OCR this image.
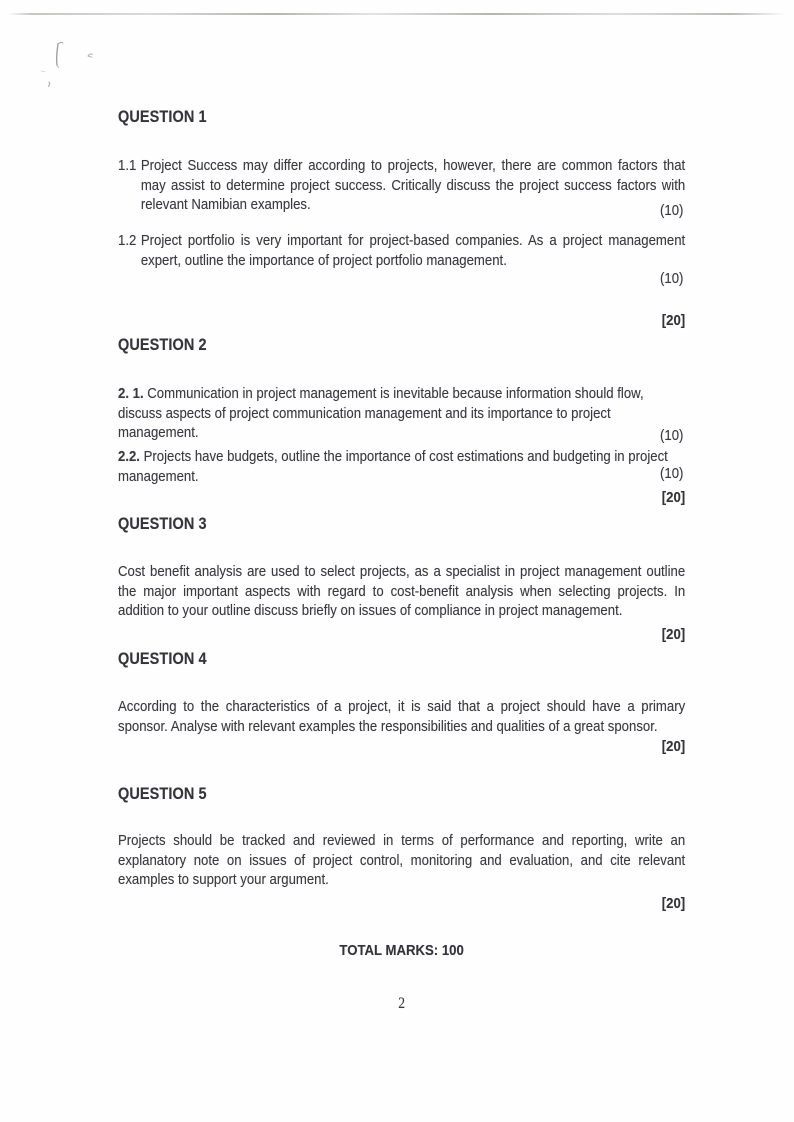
QUESTION 1

1.1 Project Success may differ according to projects, however, there are common factors that may assist to determine project success. Critically discuss the project success factors with relevant Namibian examples.	(10)

1.2 Project portfolio is very important for project-based companies. As a project management expert, outline the importance of project portfolio management.

(10)

[20]

QUESTION 2

2. 1. Communication in project management is inevitable because information should flow, discuss aspects of project communication management and its importance to project management.	(10)

2.2. Projects have budgets, outline the importance of cost estimations and budgeting in project management.	(10)

[20]

QUESTION 3

Cost benefit analysis are used to select projects, as a specialist in project management outline the major important aspects with regard to cost-benefit analysis when selecting projects. In addition to your outline discuss briefly on issues of compliance in project management.

[20]

QUESTION 4

According to the characteristics of a project, it is said that a project should have a primary sponsor. Analyse with relevant examples the responsibilities and qualities of a great sponsor.

[20]

QUESTION 5

Projects should be tracked and reviewed in terms of performance and reporting, write an explanatory note on issues of project control, monitoring and evaluation, and cite relevant examples to support your argument.

[20]

TOTAL MARKS: 100

2
